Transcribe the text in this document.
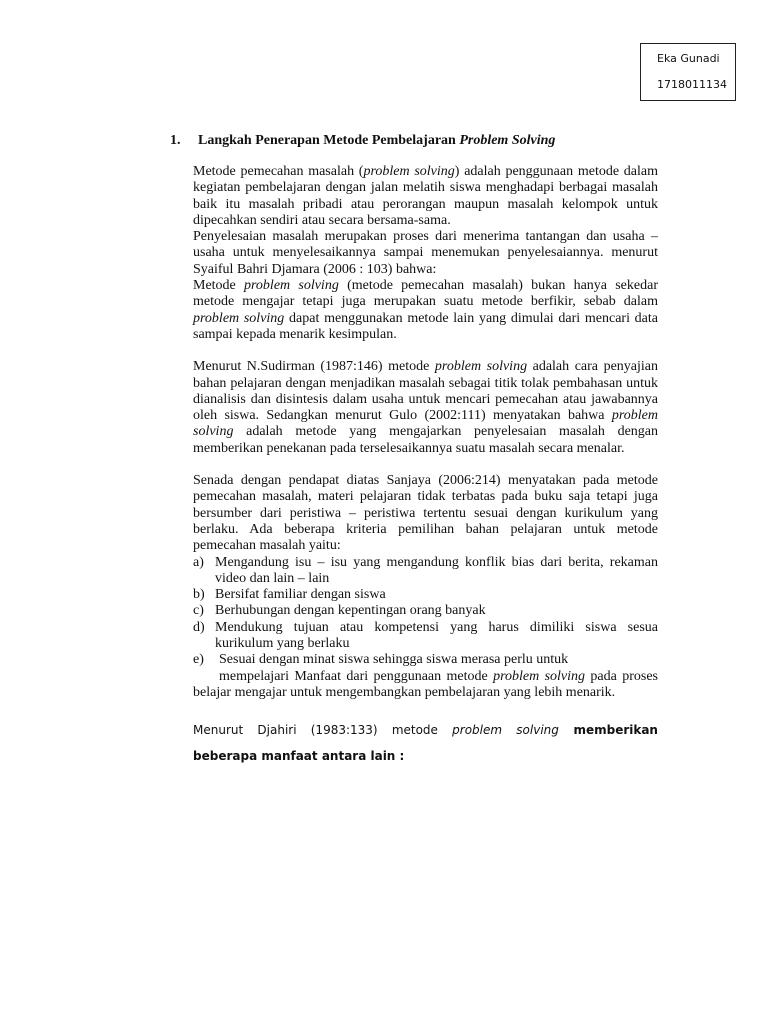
Eka Gunadi
1718011134
1. Langkah Penerapan Metode Pembelajaran Problem Solving

Metode pemecahan masalah (problem solving) adalah penggunaan metode dalam kegiatan pembelajaran dengan jalan melatih siswa menghadapi berbagai masalah baik itu masalah pribadi atau perorangan maupun masalah kelompok untuk dipecahkan sendiri atau secara bersama-sama.

Penyelesaian masalah merupakan proses dari menerima tantangan dan usaha – usaha untuk menyelesaikannya sampai menemukan penyelesaiannya. menurut Syaiful Bahri Djamara (2006 : 103) bahwa:

Metode problem solving (metode pemecahan masalah) bukan hanya sekedar metode mengajar tetapi juga merupakan suatu metode berfikir, sebab dalam problem solving dapat menggunakan metode lain yang dimulai dari mencari data sampai kepada menarik kesimpulan.

Menurut N.Sudirman (1987:146) metode problem solving adalah cara penyajian bahan pelajaran dengan menjadikan masalah sebagai titik tolak pembahasan untuk dianalisis dan disintesis dalam usaha untuk mencari pemecahan atau jawabannya oleh siswa. Sedangkan menurut Gulo (2002:111) menyatakan bahwa problem solving adalah metode yang mengajarkan penyelesaian masalah dengan memberikan penekanan pada terselesaikannya suatu masalah secara menalar.

Senada dengan pendapat diatas Sanjaya (2006:214) menyatakan pada metode pemecahan masalah, materi pelajaran tidak terbatas pada buku saja tetapi juga bersumber dari peristiwa – peristiwa tertentu sesuai dengan kurikulum yang berlaku. Ada beberapa kriteria pemilihan bahan pelajaran untuk metode pemecahan masalah yaitu:

a) Mengandung isu – isu yang mengandung konflik bias dari berita, rekaman video dan lain – lain
b) Bersifat familiar dengan siswa
c) Berhubungan dengan kepentingan orang banyak
d) Mendukung tujuan atau kompetensi yang harus dimiliki siswa sesua kurikulum yang berlaku
e) Sesuai dengan minat siswa sehingga siswa merasa perlu untuk

mempelajari Manfaat dari penggunaan metode problem solving pada proses belajar mengajar untuk mengembangkan pembelajaran yang lebih menarik.

Menurut Djahiri (1983:133) metode problem solving memberikan beberapa manfaat antara lain :
